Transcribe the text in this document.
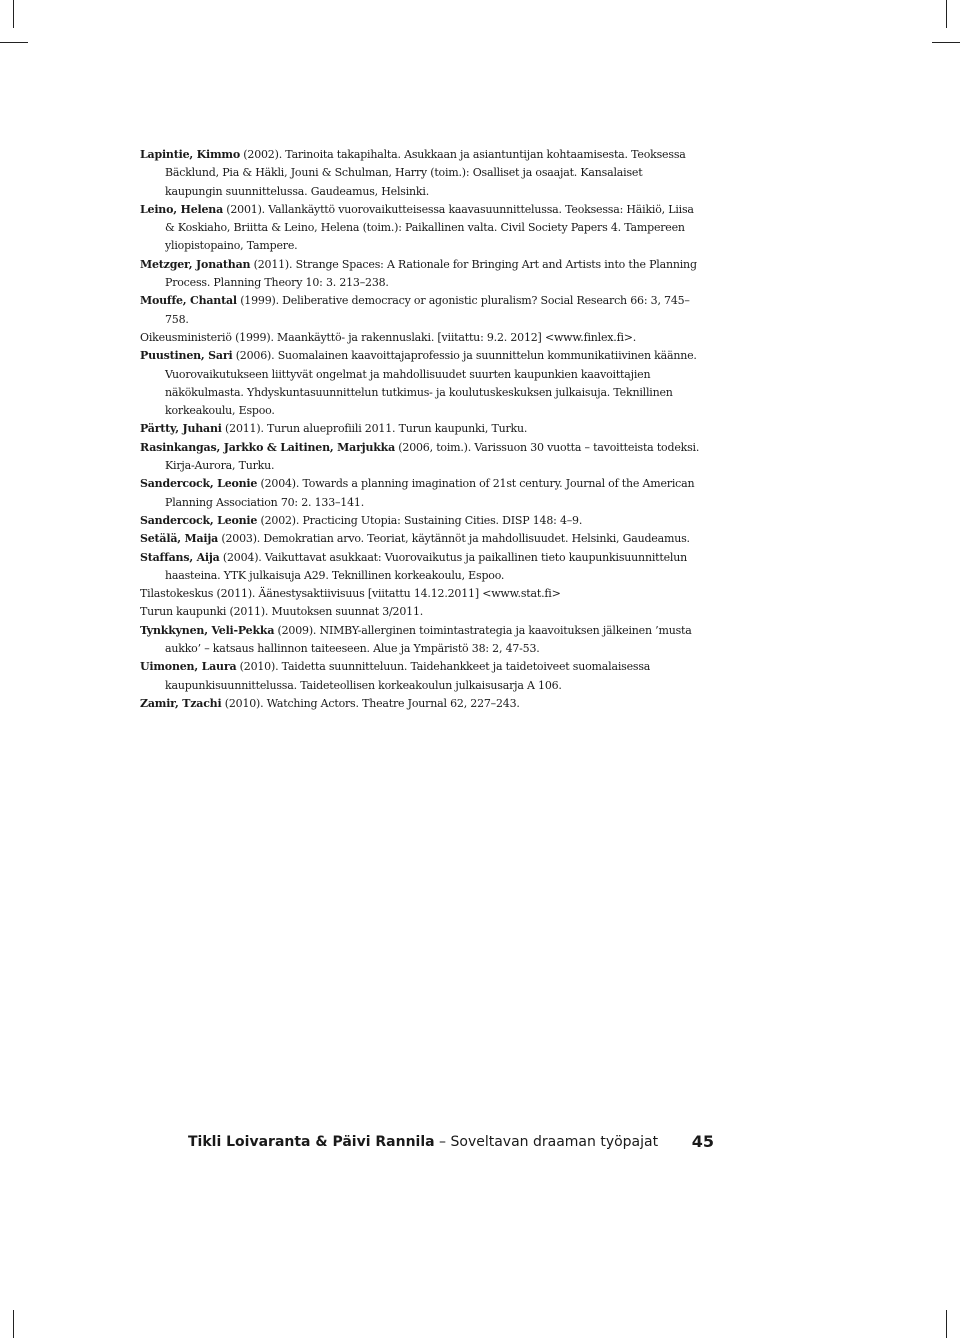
Lapintie, Kimmo (2002). Tarinoita takapihalta. Asukkaan ja asiantuntijan kohtaamisesta. Teoksessa Bäcklund, Pia & Häkli, Jouni & Schulman, Harry (toim.): Osalliset ja osaajat. Kansalaiset kaupungin suunnittelussa. Gaudeamus, Helsinki.

Leino, Helena (2001). Vallankäyttö vuorovaikutteisessa kaavasuunnittelussa. Teoksessa: Häikiö, Liisa & Koskiaho, Briitta & Leino, Helena (toim.): Paikallinen valta. Civil Society Papers 4. Tampereen yliopistopaino, Tampere.

Metzger, Jonathan (2011). Strange Spaces: A Rationale for Bringing Art and Artists into the Planning Process. Planning Theory 10: 3. 213–238.

Mouffe, Chantal (1999). Deliberative democracy or agonistic pluralism? Social Research 66: 3, 745–758.

Oikeusministeriö (1999). Maankäyttö- ja rakennuslaki. [viitattu: 9.2. 2012] <www.finlex.fi>.

Puustinen, Sari (2006). Suomalainen kaavoittajaprofessio ja suunnittelun kommunikatiivinen käänne. Vuorovaikutukseen liittyvät ongelmat ja mahdollisuudet suurten kaupunkien kaavoittajien näkökulmasta. Yhdyskuntasuunnittelun tutkimus- ja koulutuskeskuksen julkaisuja. Teknillinen korkeakoulu, Espoo.

Pärtty, Juhani (2011). Turun alueprofiili 2011. Turun kaupunki, Turku.

Rasinkangas, Jarkko & Laitinen, Marjukka (2006, toim.). Varissuon 30 vuotta – tavoitteista todeksi. Kirja-Aurora, Turku.

Sandercock, Leonie (2004). Towards a planning imagination of 21st century. Journal of the American Planning Association 70: 2. 133–141.

Sandercock, Leonie (2002). Practicing Utopia: Sustaining Cities. DISP 148: 4–9.

Setälä, Maija (2003). Demokratian arvo. Teoriat, käytännöt ja mahdollisuudet. Helsinki, Gaudeamus.

Staffans, Aija (2004). Vaikuttavat asukkaat: Vuorovaikutus ja paikallinen tieto kaupunkisuunnittelun haasteina. YTK julkaisuja A29. Teknillinen korkeakoulu, Espoo.

Tilastokeskus (2011). Äänestysaktiivisuus [viitattu 14.12.2011] <www.stat.fi>

Turun kaupunki (2011). Muutoksen suunnat 3/2011.

Tynkkynen, Veli-Pekka (2009). NIMBY-allerginen toimintastrategia ja kaavoituksen jälkeinen ’musta aukko’ – katsaus hallinnon taiteeseen. Alue ja Ympäristö 38: 2, 47-53.

Uimonen, Laura (2010). Taidetta suunnitteluun. Taidehankkeet ja taidetoiveet suomalaisessa kaupunkisuunnittelussa. Taideteollisen korkeakoulun julkaisusarja A 106.

Zamir, Tzachi (2010). Watching Actors. Theatre Journal 62, 227–243.

Tikli Loivaranta & Päivi Rannila – Soveltavan draaman työpajat 45
